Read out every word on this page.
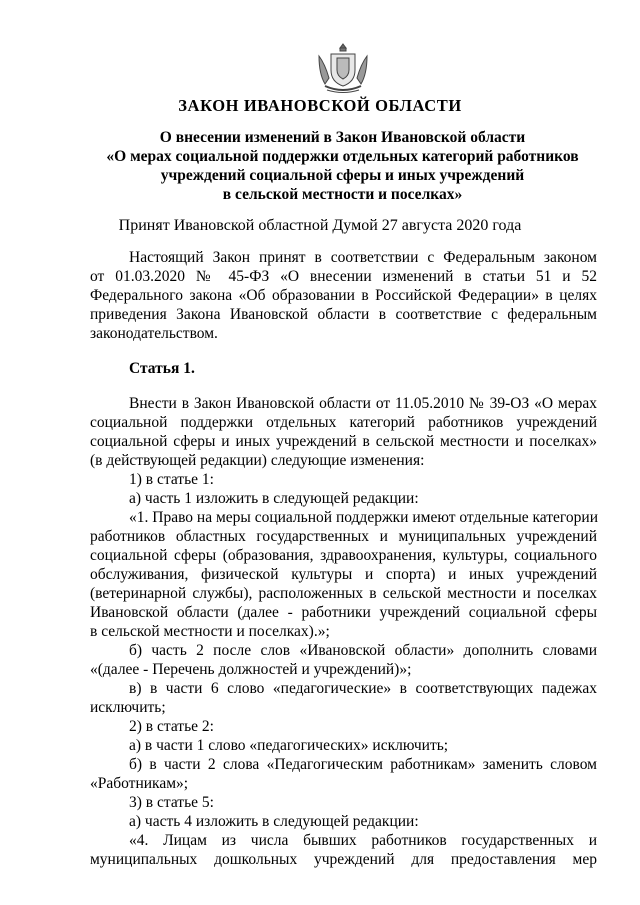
ЗАКОН ИВАНОВСКОЙ ОБЛАСТИ
О внесении изменений в Закон Ивановской области
«О мерах социальной поддержки отдельных категорий работников
учреждений социальной сферы и иных учреждений
в сельской местности и поселках»
Принят Ивановской областной Думой 27 августа 2020 года
Настоящий Закон принят в соответствии с Федеральным законом
от 01.03.2020 № 45-ФЗ «О внесении изменений в статьи 51 и 52
Федерального закона «Об образовании в Российской Федерации» в целях
приведения Закона Ивановской области в соответствие с федеральным
законодательством.
Статья 1.
Внести в Закон Ивановской области от 11.05.2010 № 39-ОЗ «О мерах
социальной поддержки отдельных категорий работников учреждений
социальной сферы и иных учреждений в сельской местности и поселках»
(в действующей редакции) следующие изменения:
1) в статье 1:
а) часть 1 изложить в следующей редакции:
«1. Право на меры социальной поддержки имеют отдельные категории
работников областных государственных и муниципальных учреждений
социальной сферы (образования, здравоохранения, культуры, социального
обслуживания, физической культуры и спорта) и иных учреждений
(ветеринарной службы), расположенных в сельской местности и поселках
Ивановской области (далее - работники учреждений социальной сферы
в сельской местности и поселках).»;
б) часть 2 после слов «Ивановской области» дополнить словами
«(далее - Перечень должностей и учреждений)»;
в) в части 6 слово «педагогические» в соответствующих падежах
исключить;
2) в статье 2:
а) в части 1 слово «педагогических» исключить;
б) в части 2 слова «Педагогическим работникам» заменить словом
«Работникам»;
3) в статье 5:
а) часть 4 изложить в следующей редакции:
«4. Лицам из числа бывших работников государственных и
муниципальных дошкольных учреждений для предоставления мер
